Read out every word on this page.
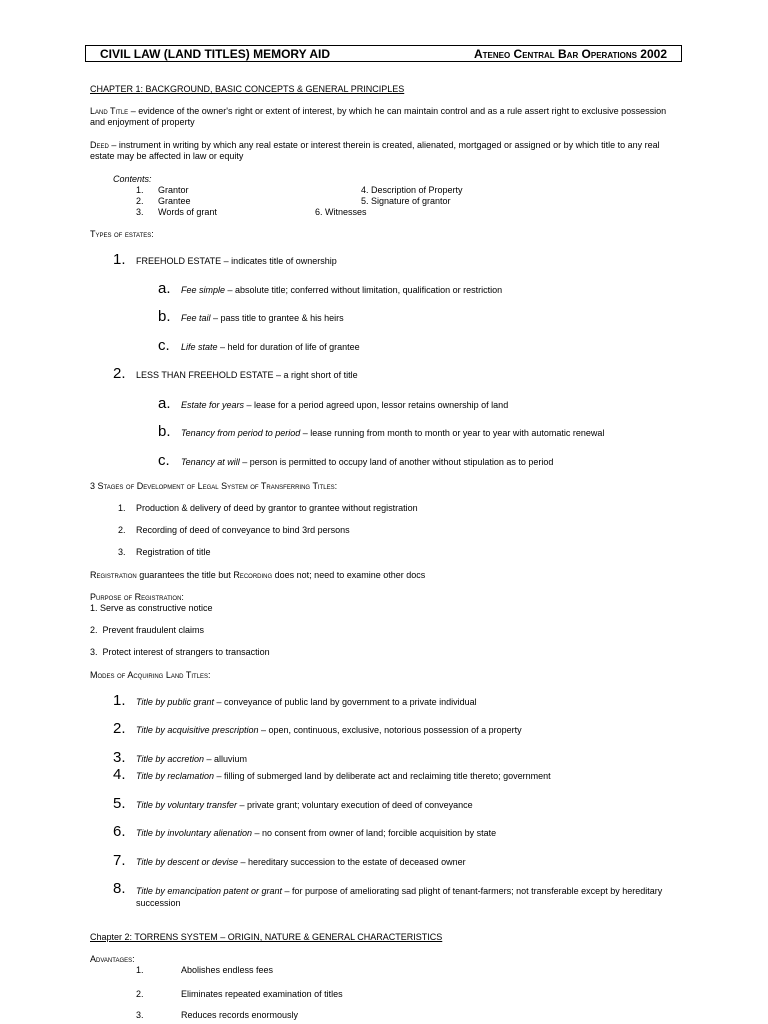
CIVIL LAW (LAND TITLES) MEMORY AID	Ateneo Central Bar Operations 2002
CHAPTER 1: BACKGROUND, BASIC CONCEPTS & GENERAL PRINCIPLES
Land Title – evidence of the owner's right or extent of interest, by which he can maintain control and as a rule assert right to exclusive possession and enjoyment of property
Deed – instrument in writing by which any real estate or interest therein is created, alienated, mortgaged or assigned or by which title to any real estate may be affected in law or equity
Contents:
1. Grantor
2. Grantee
3. Words of grant
4. Description of Property
5. Signature of grantor
6. Witnesses
Types of estates:
1. FREEHOLD ESTATE – indicates title of ownership
a. Fee simple – absolute title; conferred without limitation, qualification or restriction
b. Fee tail – pass title to grantee & his heirs
c. Life state – held for duration of life of grantee
2. LESS THAN FREEHOLD ESTATE – a right short of title
a. Estate for years – lease for a period agreed upon, lessor retains ownership of land
b. Tenancy from period to period – lease running from month to month or year to year with automatic renewal
c. Tenancy at will – person is permitted to occupy land of another without stipulation as to period
3 Stages of Development of Legal System of Transferring Titles:
1. Production & delivery of deed by grantor to grantee without registration
2. Recording of deed of conveyance to bind 3rd persons
3. Registration of title
Registration guarantees the title but Recording does not; need to examine other docs
Purpose of Registration:
1. Serve as constructive notice
2.  Prevent fraudulent claims
3.  Protect interest of strangers to transaction
Modes of Acquiring Land Titles:
1. Title by public grant – conveyance of public land by government to a private individual
2. Title by acquisitive prescription – open, continuous, exclusive, notorious possession of a property
3. Title by accretion – alluvium
4. Title by reclamation – filling of submerged land by deliberate act and reclaiming title thereto; government
5. Title by voluntary transfer – private grant; voluntary execution of deed of conveyance
6. Title by involuntary alienation – no consent from owner of land; forcible acquisition by state
7. Title by descent or devise – hereditary succession to the estate of deceased owner
8. Title by emancipation patent or grant – for purpose of ameliorating sad plight of tenant-farmers; not transferable except by hereditary succession
Chapter 2: TORRENS SYSTEM – ORIGIN, NATURE & GENERAL CHARACTERISTICS
Advantages:
1.	Abolishes endless fees
2.	Eliminates repeated examination of titles
3.	Reduces records enormously
